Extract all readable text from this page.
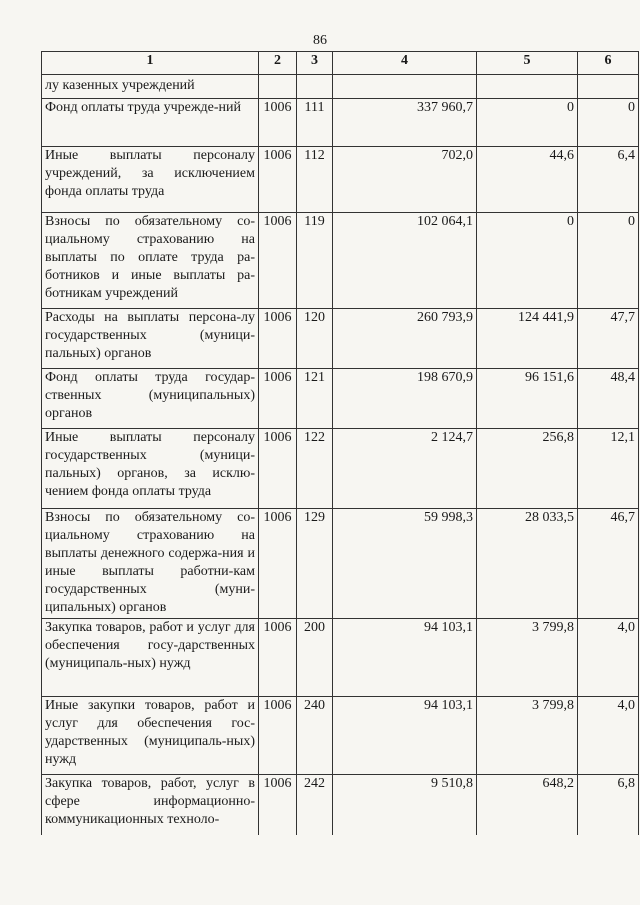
86
1	2	3	4	5	6
лу казенных учреждений					
Фонд оплаты труда учрежде-ний	1006	111	337 960,7	0	0
Иные выплаты персоналу учреждений, за исключением фонда оплаты труда	1006	112	702,0	44,6	6,4
Взносы по обязательному со-циальному страхованию на выплаты по оплате труда ра-ботников и иные выплаты ра-ботникам учреждений	1006	119	102 064,1	0	0
Расходы на выплаты персона-лу государственных (муници-пальных) органов	1006	120	260 793,9	124 441,9	47,7
Фонд оплаты труда государ-ственных (муниципальных) органов	1006	121	198 670,9	96 151,6	48,4
Иные выплаты персоналу государственных (муници-пальных) органов, за исклю-чением фонда оплаты труда	1006	122	2 124,7	256,8	12,1
Взносы по обязательному со-циальному страхованию на выплаты денежного содержа-ния и иные выплаты работни-кам государственных (муни-ципальных) органов	1006	129	59 998,3	28 033,5	46,7
Закупка товаров, работ и услуг для обеспечения госу-дарственных (муниципаль-ных) нужд	1006	200	94 103,1	3 799,8	4,0
Иные закупки товаров, работ и услуг для обеспечения гос-ударственных (муниципаль-ных) нужд	1006	240	94 103,1	3 799,8	4,0
Закупка товаров, работ, услуг в сфере информационно-коммуникационных техноло-	1006	242	9 510,8	648,2	6,8
